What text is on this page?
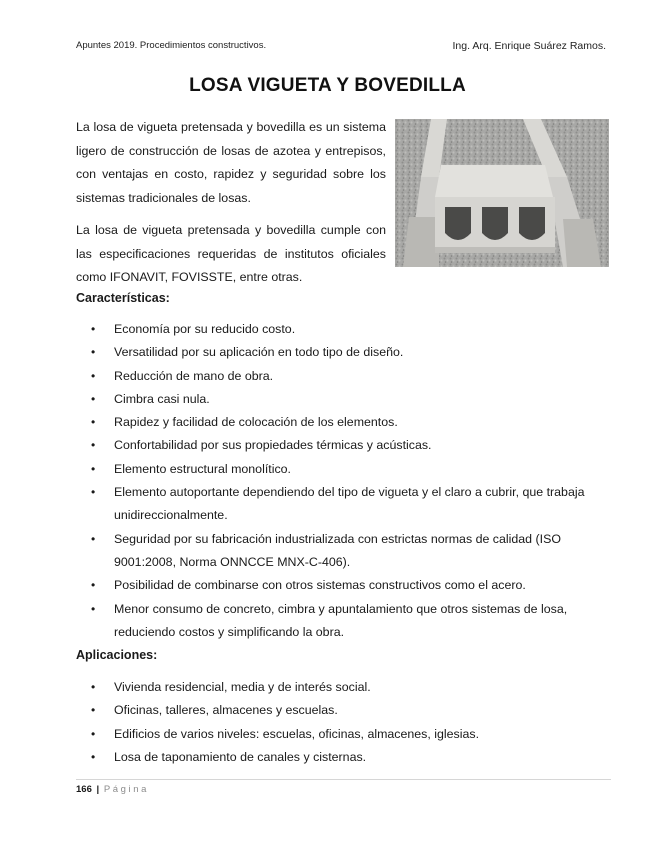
Apuntes 2019. Procedimientos constructivos.	Ing. Arq. Enrique Suárez Ramos.
LOSA VIGUETA Y BOVEDILLA

La losa de vigueta pretensada y bovedilla es un sistema ligero de construcción de losas de azotea y entrepisos, con ventajas en costo, rapidez y seguridad sobre los sistemas tradicionales de losas.

La losa de vigueta pretensada y bovedilla cumple con las especificaciones requeridas de institutos oficiales como IFONAVIT, FOVISSTE, entre otras.

Características:
• Economía por su reducido costo.
• Versatilidad por su aplicación en todo tipo de diseño.
• Reducción de mano de obra.
• Cimbra casi nula.
• Rapidez y facilidad de colocación de los elementos.
• Confortabilidad por sus propiedades térmicas y acústicas.
• Elemento estructural monolítico.
• Elemento autoportante dependiendo del tipo de vigueta y el claro a cubrir, que trabaja unidireccionalmente.
• Seguridad por su fabricación industrializada con estrictas normas de calidad (ISO 9001:2008, Norma ONNCCE MNX-C-406).
• Posibilidad de combinarse con otros sistemas constructivos como el acero.
• Menor consumo de concreto, cimbra y apuntalamiento que otros sistemas de losa, reduciendo costos y simplificando la obra.
Aplicaciones:
• Vivienda residencial, media y de interés social.
• Oficinas, talleres, almacenes y escuelas.
• Edificios de varios niveles: escuelas, oficinas, almacenes, iglesias.
• Losa de taponamiento de canales y cisternas.
166 | Página
